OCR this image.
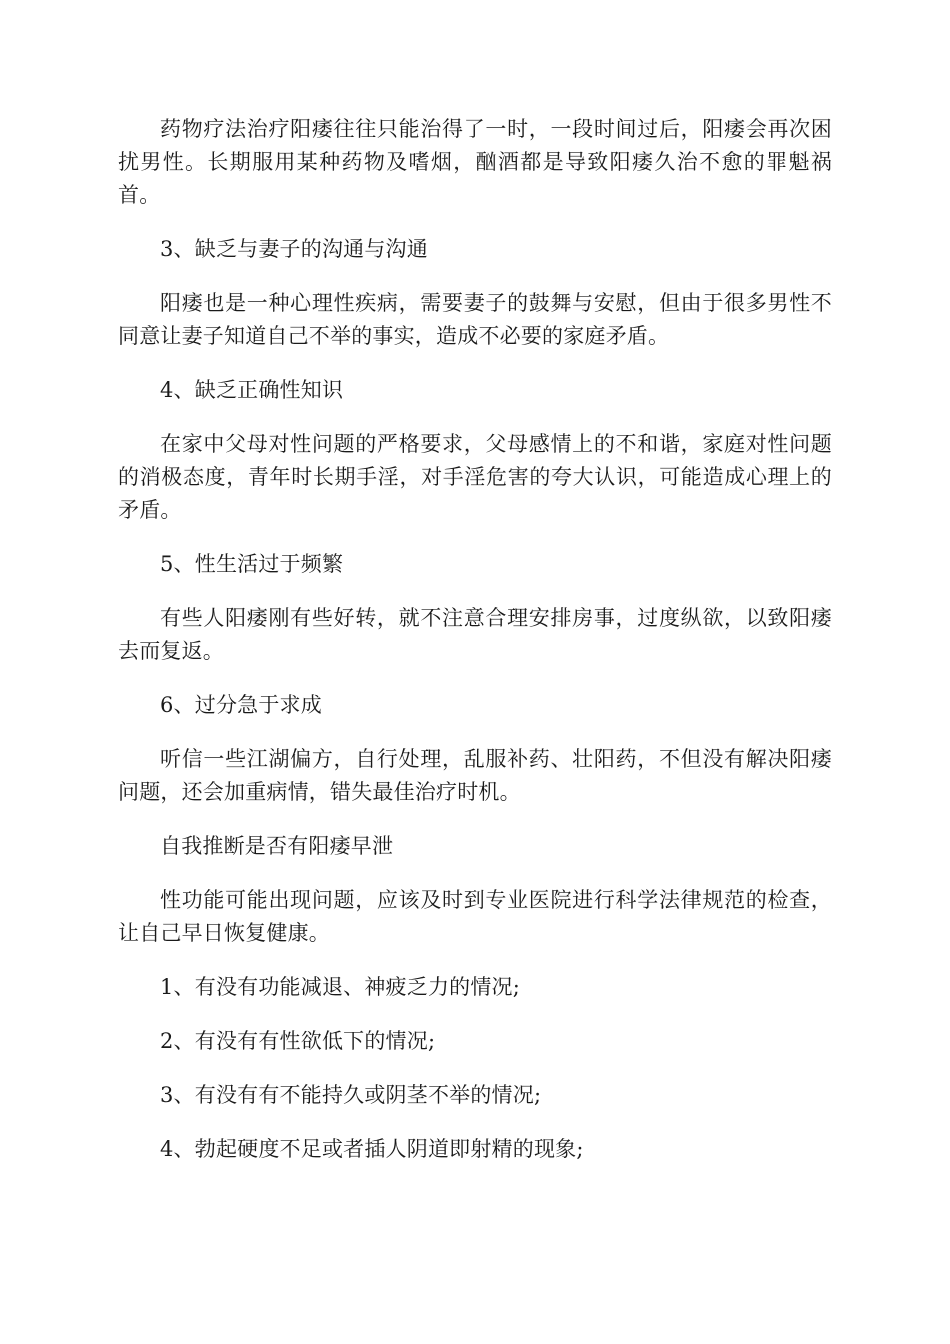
药物疗法治疗阳痿往往只能治得了一时，一段时间过后，阳痿会再次困扰男性。长期服用某种药物及嗜烟，酗酒都是导致阳痿久治不愈的罪魁祸首。

3、缺乏与妻子的沟通与沟通

阳痿也是一种心理性疾病，需要妻子的鼓舞与安慰，但由于很多男性不同意让妻子知道自己不举的事实，造成不必要的家庭矛盾。

4、缺乏正确性知识

在家中父母对性问题的严格要求，父母感情上的不和谐，家庭对性问题的消极态度，青年时长期手淫，对手淫危害的夸大认识，可能造成心理上的矛盾。

5、性生活过于频繁

有些人阳痿刚有些好转，就不注意合理安排房事，过度纵欲，以致阳痿去而复返。

6、过分急于求成

听信一些江湖偏方，自行处理，乱服补药、壮阳药，不但没有解决阳痿问题，还会加重病情，错失最佳治疗时机。

自我推断是否有阳痿早泄

性功能可能出现问题，应该及时到专业医院进行科学法律规范的检查，让自己早日恢复健康。

1、有没有功能减退、神疲乏力的情况;

2、有没有有性欲低下的情况;

3、有没有有不能持久或阴茎不举的情况;

4、勃起硬度不足或者插人阴道即射精的现象;
